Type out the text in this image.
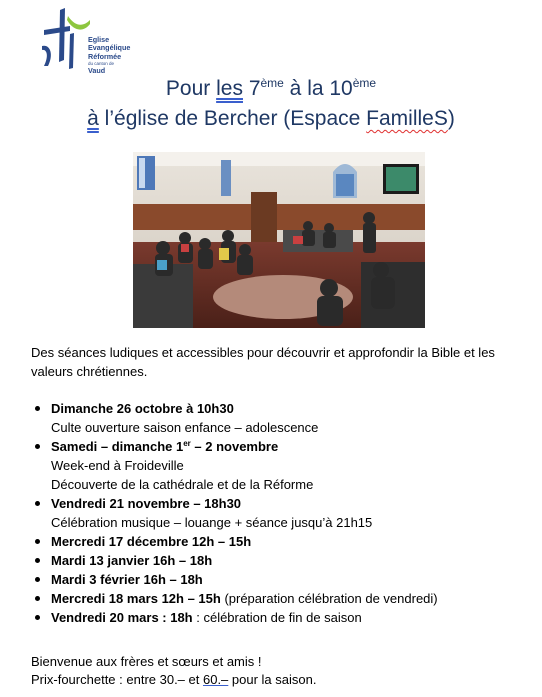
Eglise
Evangélique
Réformée
du canton de
Vaud
Pour les 7ème à la 10ème
à l’église de Bercher (Espace FamilleS)
Des séances ludiques et accessibles pour découvrir et approfondir la Bible et les valeurs chrétiennes.
Dimanche 26 octobre à 10h30
Culte ouverture saison enfance – adolescence
Samedi – dimanche 1er – 2 novembre
Week-end à Froideville
Découverte de la cathédrale et de la Réforme
Vendredi 21 novembre – 18h30
Célébration musique – louange + séance jusqu’à 21h15
Mercredi 17 décembre 12h – 15h
Mardi 13 janvier 16h – 18h
Mardi 3 février 16h – 18h
Mercredi 18 mars 12h – 15h (préparation célébration de vendredi)
Vendredi 20 mars : 18h : célébration de fin de saison
Bienvenue aux frères et sœurs et amis !
Prix-fourchette : entre 30.– et 60.– pour la saison.
